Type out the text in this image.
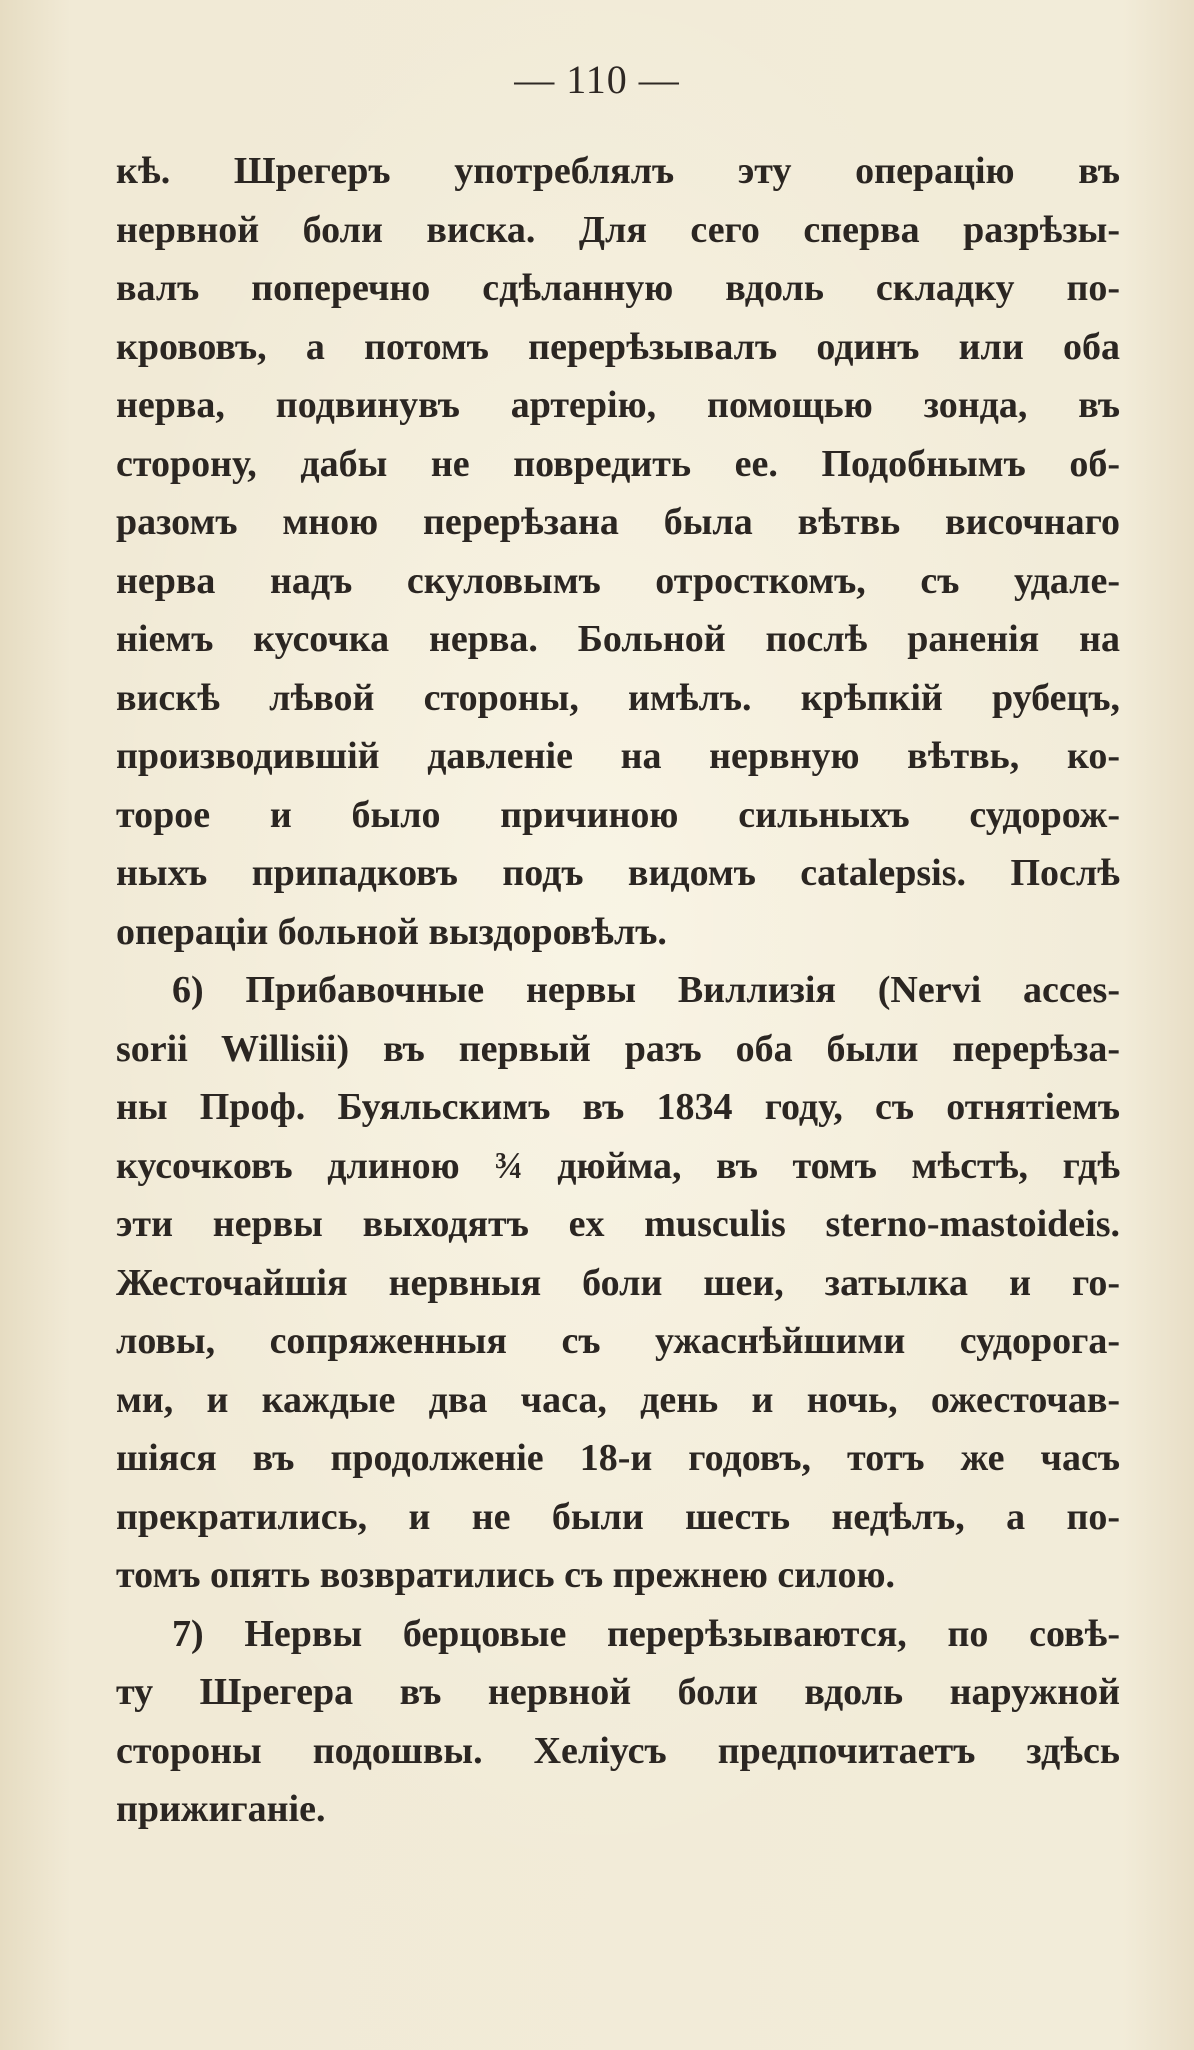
— 110 —
кѣ. Шрегеръ употреблялъ эту операцію въ
нервной боли виска. Для сего сперва разрѣзы-
валъ поперечно сдѣланную вдоль складку по-
крововъ, а потомъ перерѣзывалъ одинъ или оба
нерва, подвинувъ артерію, помощью зонда, въ
сторону, дабы не повредить ее. Подобнымъ об-
разомъ мною перерѣзана была вѣтвь височнаго
нерва надъ скуловымъ отросткомъ, съ удале-
ніемъ кусочка нерва. Больной послѣ раненія на
вискѣ лѣвой стороны, имѣлъ. крѣпкій рубецъ,
производившій давленіе на нервную вѣтвь, ко-
торое и было причиною сильныхъ судорож-
ныхъ припадковъ подъ видомъ catalepsis. Послѣ
операціи больной выздоровѣлъ.
6) Прибавочные нервы Виллизія (Nervi acces-
sorii Willisii) въ первый разъ оба были перерѣза-
ны Проф. Буяльскимъ въ 1834 году, съ отнятіемъ
кусочковъ длиною ¾ дюйма, въ томъ мѣстѣ, гдѣ
эти нервы выходятъ ex musculis sterno-mastoideis.
Жесточайшія нервныя боли шеи, затылка и го-
ловы, сопряженныя съ ужаснѣйшими судорога-
ми, и каждые два часа, день и ночь, ожесточав-
шіяся въ продолженіе 18-и годовъ, тотъ же часъ
прекратились, и не были шесть недѣлъ, а по-
томъ опять возвратились съ прежнею силою.
7) Нервы берцовые перерѣзываются, по совѣ-
ту Шрегера въ нервной боли вдоль наружной
стороны подошвы. Хеліусъ предпочитаетъ здѣсь
прижиганіе.
